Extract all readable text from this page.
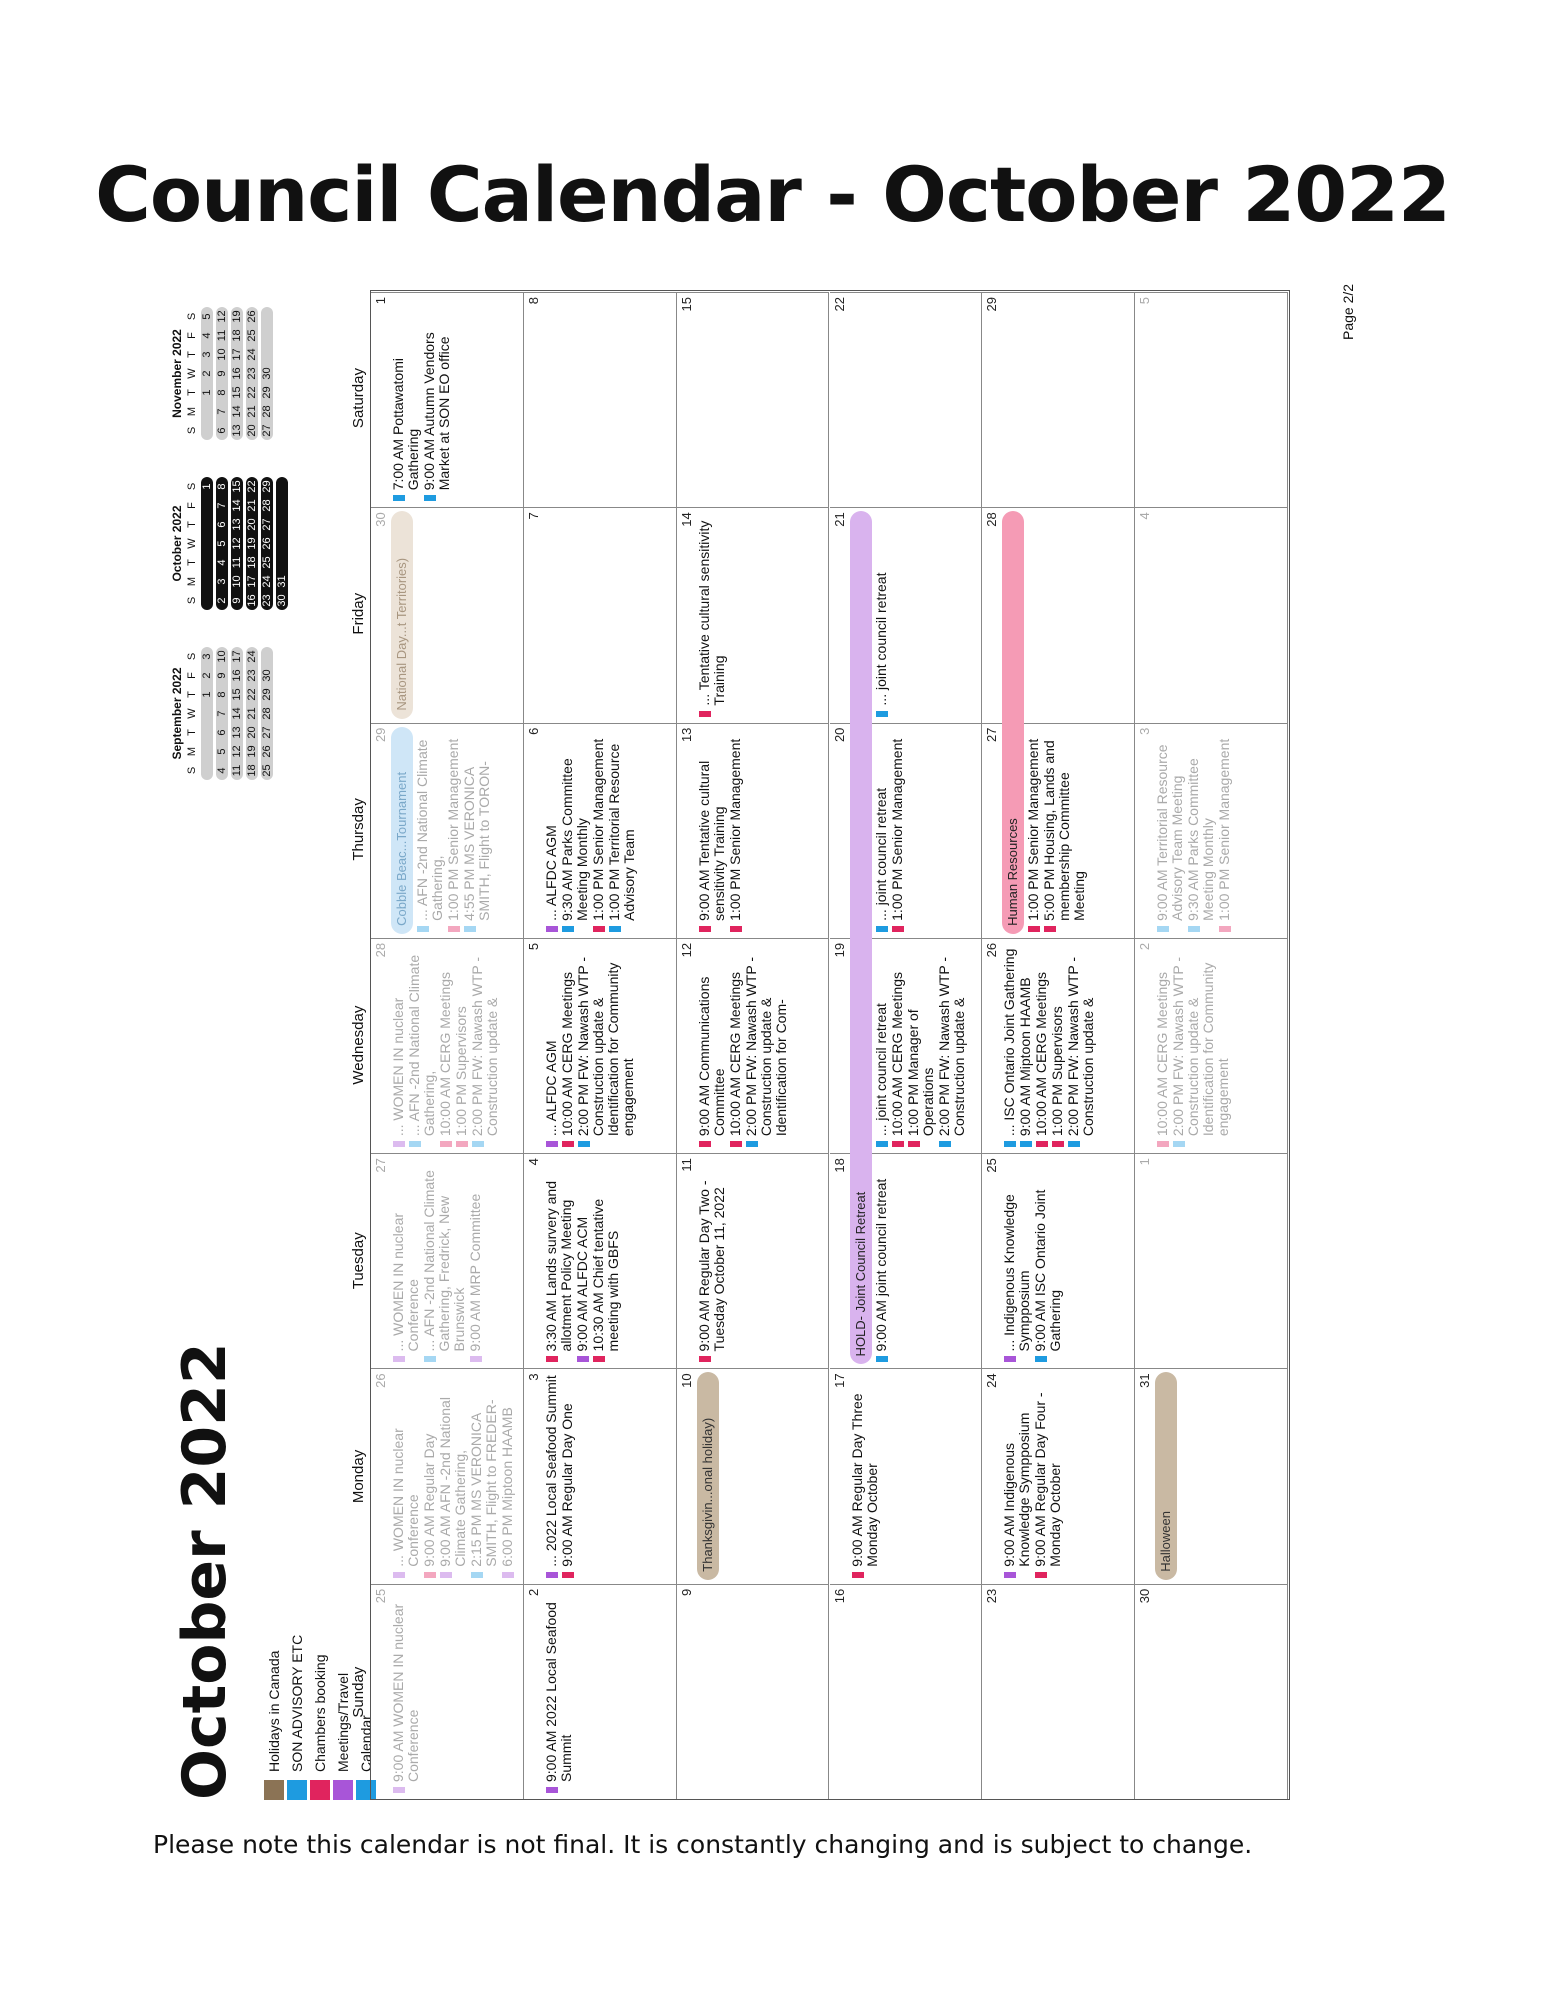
Council Calendar - October 2022
October 2022 Holidays in Canada SON ADVISORY ETC Chambers booking Meetings/Travel Calendar
September 2022
S
M
T
W
T
F
S
1
2
3
4
5
6
7
8
9
10
11
12
13
14
15
16
17
18
19
20
21
22
23
24
25
26
27
28
29
30
October 2022
S
M
T
W
T
F
S 1
2
3
4
5
6
7
8
9
10
11
12
13
14
15
16
17
18
19
20
21
22
23
24
25
26
27
28
29
30
31
November 2022
S
M
T
W
T
F
S
1
2
3
4
5
6
7
8
9
10
11
12
13
14
15
16
17
18
19
20
21
22
23
24
25
26
27
28
29
30
Sunday
Monday
Tuesday
Wednesday
Thursday
Friday
Saturday
25
9:00 AM WOMEN IN nuclear Conference
26
... WOMEN IN nuclear Conference 9:00 AM Regular Day 9:00 AM AFN -2nd National Climate Gathering, 2:15 PM MS VERONICA SMITH, Flight to FREDER- 6:00 PM Miptoon HAAMB
27
... WOMEN IN nuclear Conference ... AFN -2nd National Climate Gathering, Fredrick, New Brunswick 9:00 AM MRP Committee
28
... WOMEN IN nuclear ... AFN -2nd National Climate Gathering, 10:00 AM CERG Meetings 1:00 PM Supervisors 2:00 PM FW: Nawash WTP - Construction update &
29
... AFN -2nd National Climate Gathering, 1:00 PM Senior Management 4:55 PM MS VERONICA SMITH, Flight to TORON-
30
1
7:00 AM Pottawatomi Gathering 9:00 AM Autumn Vendors Market at SON EO office
2
9:00 AM 2022 Local Seafood Summit
3 ... 2022 Local Seafood Summit 9:00 AM Regular Day One
4
3:30 AM Lands survery and allotment Policy Meeting 9:00 AM ALFDC ACM 10:30 AM Chief tentative meeting with GBFS
5
... ALFDC AGM 10:00 AM CERG Meetings 2:00 PM FW: Nawash WTP - Construction update & Identification for Community engagement
6
... ALFDC AGM 9:30 AM Parks Committee Meeting Monthly 1:00 PM Senior Management 1:00 PM Territorial Resource Advisory Team
7
8
9
10
11
9:00 AM Regular Day Two - Tuesday October 11, 2022
12
9:00 AM Communications Committee 10:00 AM CERG Meetings 2:00 PM FW: Nawash WTP - Construction update & Identification for Com-
13
9:00 AM Tentative cultural sensitivity Training 1:00 PM Senior Management
14
... Tentative cultural sensitivity Training
15
16
17
9:00 AM Regular Day Three Monday October
18
9:00 AM joint council retreat
19
... joint council retreat 10:00 AM CERG Meetings 1:00 PM Manager of Operations 2:00 PM FW: Nawash WTP - Construction update &
20
... joint council retreat 1:00 PM Senior Management
21
... joint council retreat
22
23
24
9:00 AM Indigenous Knowledge Sympposium 9:00 AM Regular Day Four - Monday October
25
... Indigenous Knowledge Sympposium 9:00 AM ISC Ontario Joint Gathering
26 ... ISC Ontario Joint Gathering 9:00 AM Miptoon HAAMB 10:00 AM CERG Meetings 1:00 PM Supervisors 2:00 PM FW: Nawash WTP - Construction update &
27
1:00 PM Senior Management 5:00 PM Housing, Lands and membership Committee Meeting
28
29
30
31
1
2
10:00 AM CERG Meetings 2:00 PM FW: Nawash WTP - Construction update & Identification for Community engagement
3
9:00 AM Territorial Resource Advisory Team Meeting 9:30 AM Parks Committee Meeting Monthly 1:00 PM Senior Management
4
5
Cobble Beac...Tournament
National Day...t Territories)
Thanksgivin...onal holiday)
HOLD- Joint Council Retreat
Human Resources
Halloween
Page 2/2
Please note this calendar is not final. It is constantly changing and is subject to change.
